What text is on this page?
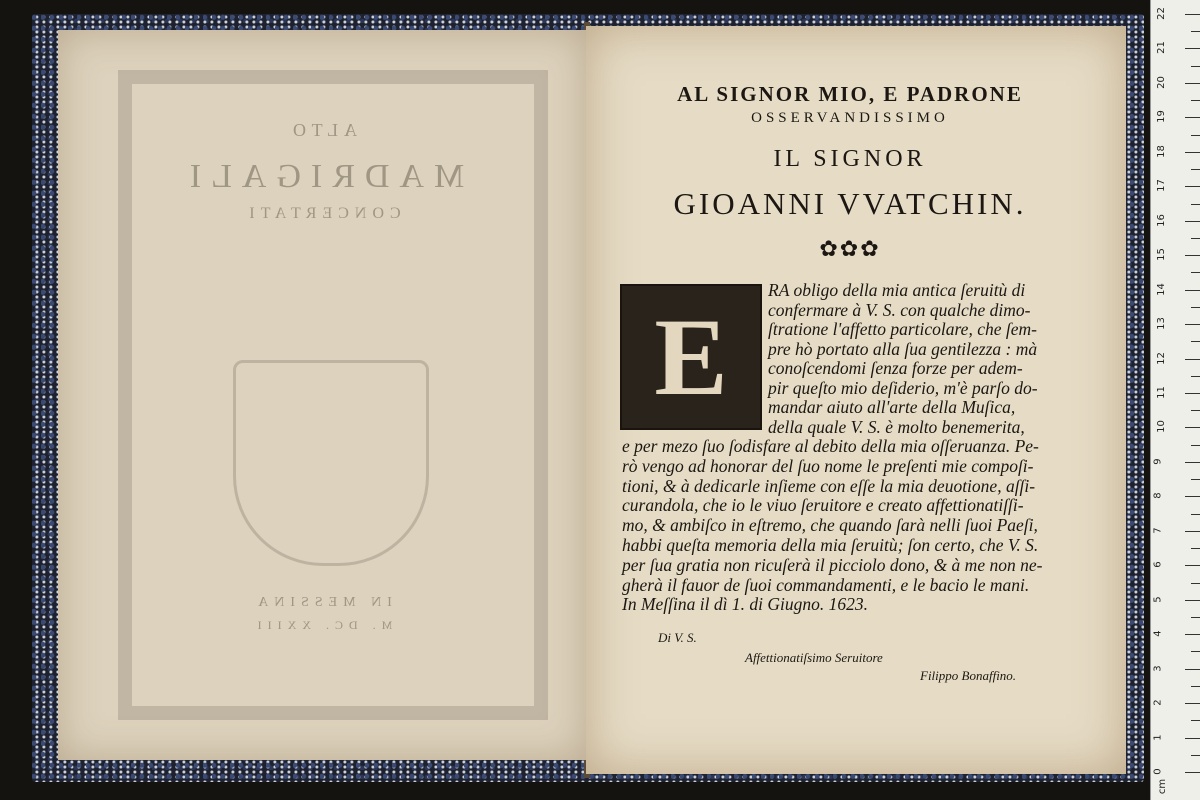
ALTO
MADRIGALI
CONCERTATI
IN MESSINA
M. DC. XXIII
AL SIGNOR MIO, E PADRONE
OSSERVANDISSIMO
IL SIGNOR
GIOANNI VVATCHIN.
✿✿✿
E
RA obligo della mia antica ſeruitù di
confermare à V. S. con qualche dimo-
ſtratione l'affetto particolare, che ſem-
pre hò portato alla ſua gentilezza : mà
conoſcendomi ſenza forze per adem-
pir queſto mio deſiderio, m'è parſo do-
mandar aiuto all'arte della Muſica,
della quale V. S. è molto benemerita,
e per mezo ſuo ſodisfare al debito della mia oſſeruanza. Pe-
rò vengo ad honorar del ſuo nome le preſenti mie compoſi-
tioni, & à dedicarle inſieme con eſſe la mia deuotione, aſſi-
curandola, che io le viuo ſeruitore e creato affettionatiſſi-
mo, & ambiſco in eſtremo, che quando ſarà nelli ſuoi Paeſi,
habbi queſta memoria della mia ſeruitù; ſon certo, che V. S.
per ſua gratia non ricuſerà il picciolo dono, & à me non ne-
gherà il fauor de ſuoi commandamenti, e le bacio le mani.
In Meſſina il dì 1. di Giugno. 1623.
Di V. S.
Affettionatiſsimo Seruitore
Filippo Bonaffino.
22
21
20
19
18
17
16
15
14
13
12
11
10
9
8
7
6
5
4
3
2
1
0
cm
